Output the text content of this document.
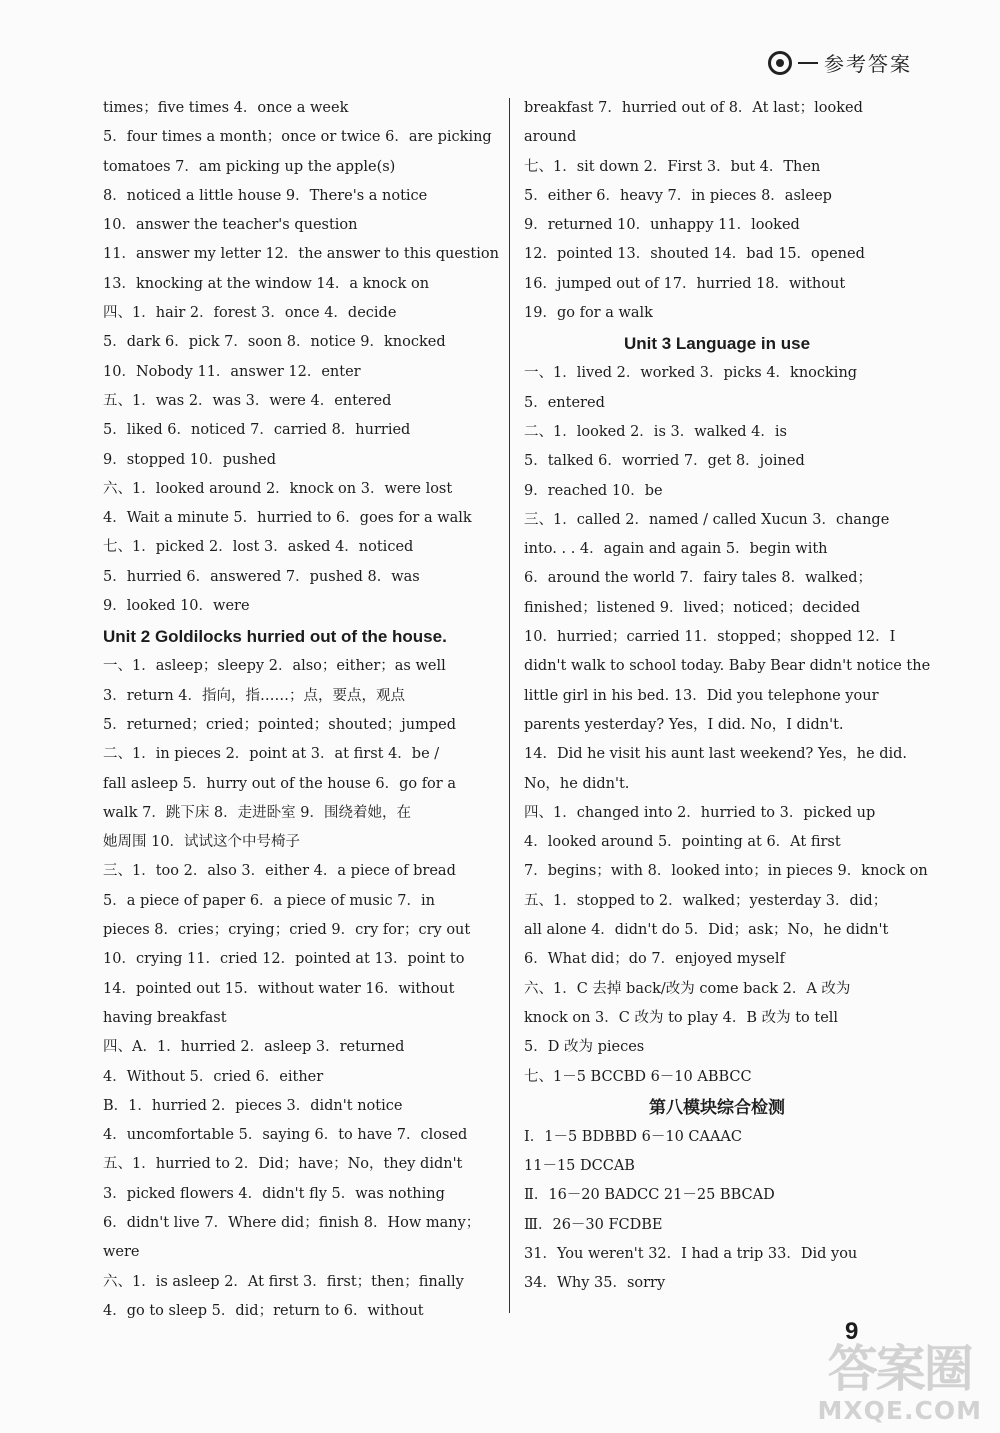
参考答案
times；five times 4．once a week
5．four times a month；once or twice 6．are picking
tomatoes 7．am picking up the apple(s)
8．noticed a little house 9．There's a notice
10．answer the teacher's question
11．answer my letter 12．the answer to this question
13．knocking at the window 14．a knock on
四、1．hair 2．forest 3．once 4．decide
5．dark 6．pick 7．soon 8．notice 9．knocked
10．Nobody 11．answer 12．enter
五、1．was 2．was 3．were 4．entered
5．liked 6．noticed 7．carried 8．hurried
9．stopped 10．pushed
六、1．looked around 2．knock on 3．were lost
4．Wait a minute 5．hurried to 6．goes for a walk
七、1．picked 2．lost 3．asked 4．noticed
5．hurried 6．answered 7．pushed 8．was
9．looked 10．were
Unit 2 Goldilocks hurried out of the house.
一、1．asleep；sleepy 2．also；either；as well
3．return 4．指向，指……；点，要点，观点
5．returned；cried；pointed；shouted；jumped
二、1．in pieces 2．point at 3．at first 4．be /
fall asleep 5．hurry out of the house 6．go for a
walk 7．跳下床 8．走进卧室 9．围绕着她，在
她周围 10．试试这个中号椅子
三、1．too 2．also 3．either 4．a piece of bread
5．a piece of paper 6．a piece of music 7．in
pieces 8．cries；crying；cried 9．cry for；cry out
10．crying 11．cried 12．pointed at 13．point to
14．pointed out 15．without water 16．without
having breakfast
四、A．1．hurried 2．asleep 3．returned
4．Without 5．cried 6．either
B．1．hurried 2．pieces 3．didn't notice
4．uncomfortable 5．saying 6．to have 7．closed
五、1．hurried to 2．Did；have；No，they didn't
3．picked flowers 4．didn't fly 5．was nothing
6．didn't live 7．Where did；finish 8．How many；
were
六、1．is asleep 2．At first 3．first；then；finally
4．go to sleep 5．did；return to 6．without
breakfast 7．hurried out of 8．At last；looked
around
七、1．sit down 2．First 3．but 4．Then
5．either 6．heavy 7．in pieces 8．asleep
9．returned 10．unhappy 11．looked
12．pointed 13．shouted 14．bad 15．opened
16．jumped out of 17．hurried 18．without
19．go for a walk
Unit 3 Language in use
一、1．lived 2．worked 3．picks 4．knocking
5．entered
二、1．looked 2．is 3．walked 4．is
5．talked 6．worried 7．get 8．joined
9．reached 10．be
三、1．called 2．named / called Xucun 3．change
into. . . 4．again and again 5．begin with
6．around the world 7．fairy tales 8．walked；
finished；listened 9．lived；noticed；decided
10．hurried；carried 11．stopped；shopped 12．I
didn't walk to school today. Baby Bear didn't notice the
little girl in his bed. 13．Did you telephone your
parents yesterday? Yes，I did. No，I didn't.
14．Did he visit his aunt last weekend? Yes，he did.
No，he didn't.
四、1．changed into 2．hurried to 3．picked up
4．looked around 5．pointing at 6．At first
7．begins；with 8．looked into；in pieces 9．knock on
五、1．stopped to 2．walked；yesterday 3．did；
all alone 4．didn't do 5．Did；ask；No，he didn't
6．What did；do 7．enjoyed myself
六、1．C 去掉 back/改为 come back 2．A 改为
knock on 3．C 改为 to play 4．B 改为 to tell
5．D 改为 pieces
七、1－5 BCCBD 6－10 ABBCC
第八模块综合检测
Ⅰ．1－5 BDBBD 6－10 CAAAC
11－15 DCCAB
Ⅱ．16－20 BADCC 21－25 BBCAD
Ⅲ．26－30 FCDBE
31．You weren't 32．I had a trip 33．Did you
34．Why 35．sorry
9
答案圈
MXQE.COM
